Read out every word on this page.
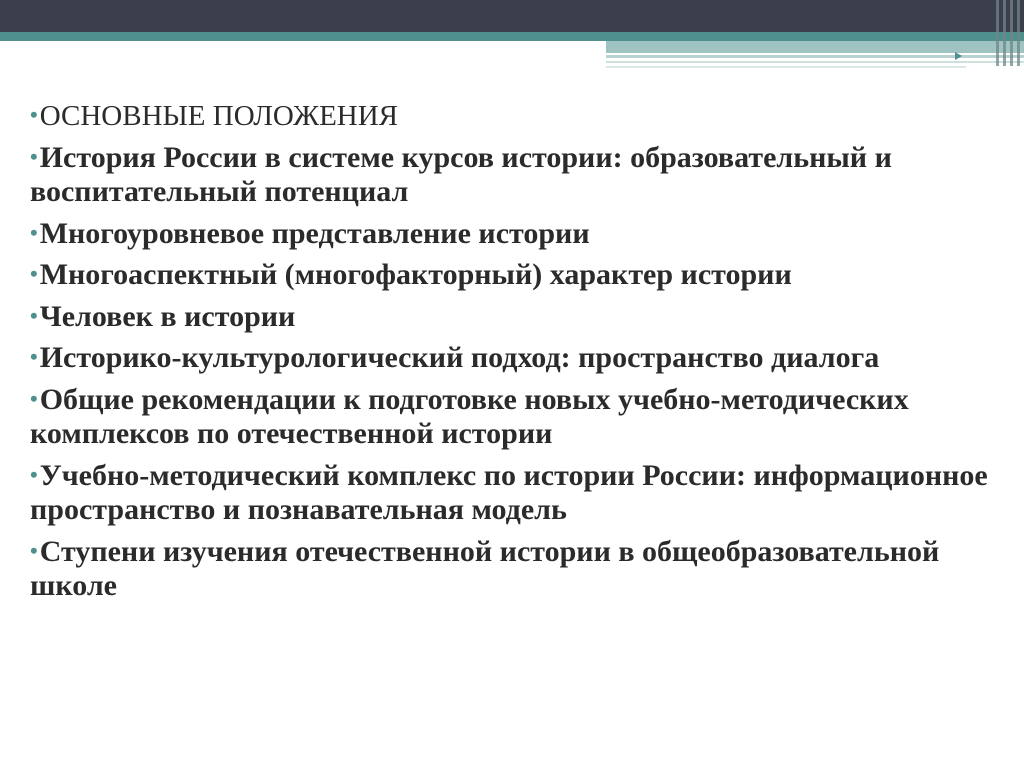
•ОСНОВНЫЕ ПОЛОЖЕНИЯ
•История России в системе курсов истории: образовательный и воспитательный потенциал
•Многоуровневое представление истории
•Многоаспектный (многофакторный) характер истории
•Человек в истории
•Историко-культурологический подход: пространство диалога
•Общие рекомендации к подготовке новых учебно-методических комплексов по отечественной истории
•Учебно-методический комплекс по истории России: информационное пространство и познавательная модель
•Ступени изучения отечественной истории в общеобразовательной школе
